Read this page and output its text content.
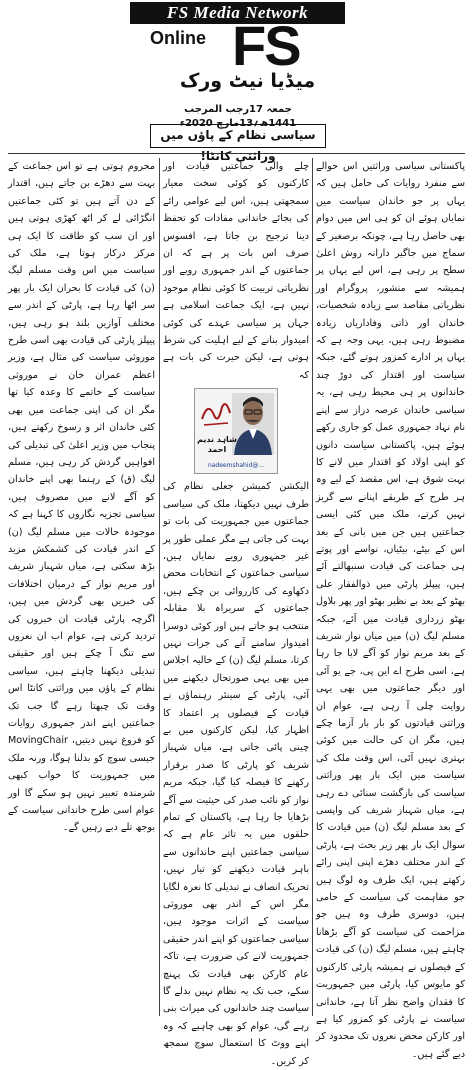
FS Media Network
Online FS
میڈیا نیٹ ورک
جمعہ 17رجب المرجب 1441ھ؍13مارچ 2020ء
سیاسی نظام کے پاؤں میں وراثتی کانٹا!

پاکستانی سیاسی وراثتیں اس حوالے سے منفرد روایات کی حامل ہیں کہ یہاں پر جو خاندان سیاست میں نمایاں ہوئے ان کو ہی اس میں دوام بھی حاصل رہا ہے، چونکہ برصغیر کے سماج میں جاگیر دارانہ روش اعلیٰ سطح پر رہی ہے، اس لیے یہاں پر ہمیشہ سے منشور، پروگرام اور نظریاتی مقاصد سے زیادہ شخصیات، خاندان اور ذاتی وفاداریاں زیادہ مضبوط رہی ہیں، یہی وجہ ہے کہ یہاں پر ادارے کمزور ہوتے گئے، جبکہ سیاست اور اقتدار کی دوڑ چند خاندانوں پر ہی محیط رہی ہے، یہ سیاسی خاندان عرصہ دراز سے اپنے نام نہاد جمہوری عمل کو جاری رکھے ہوئے ہیں، پاکستانی سیاست دانوں کو اپنی اولاد کو اقتدار میں لانے کا بہت شوق ہے، اس مقصد کے لیے وہ ہر طرح کے طریقے اپنانے سے گریز نہیں کرتے، ملک میں کئی ایسی جماعتیں ہیں جن میں بانی کے بعد اس کے بیٹے، بیٹیاں، نواسے اور پوتے ہی جماعت کی قیادت سنبھالتے آئے ہیں، پیپلز پارٹی میں ذوالفقار علی بھٹو کے بعد بے نظیر بھٹو اور پھر بلاول بھٹو زرداری قیادت میں آئے، جبکہ مسلم لیگ (ن) میں میاں نواز شریف کے بعد مریم نواز کو آگے لایا جا رہا ہے، اسی طرح اے این پی، جے یو آئی اور دیگر جماعتوں میں بھی یہی روایت چلی آ رہی ہے، عوام ان وراثتی قیادتوں کو بار بار آزما چکے ہیں، مگر ان کی حالت میں کوئی بہتری نہیں آئی، اس وقت ملک کی سیاست میں ایک بار پھر وراثتی سیاست کی بازگشت سنائی دے رہی ہے، میاں شہباز شریف کی واپسی کے بعد مسلم لیگ (ن) میں قیادت کا سوال ایک بار پھر زیر بحث ہے، پارٹی کے اندر مختلف دھڑے اپنی اپنی رائے رکھتے ہیں، ایک طرف وہ لوگ ہیں جو مفاہمت کی سیاست کے حامی ہیں، دوسری طرف وہ ہیں جو مزاحمت کی سیاست کو آگے بڑھانا چاہتے ہیں، مسلم لیگ (ن) کی قیادت کے فیصلوں نے ہمیشہ پارٹی کارکنوں کو مایوس کیا، پارٹی میں جمہوریت کا فقدان واضح نظر آتا ہے، خاندانی سیاست نے پارٹی کو کمزور کیا ہے اور کارکن محض نعروں تک محدود کر دیے گئے ہیں۔

چلے والی جماعتیں قیادت اور کارکنوں کو کوئی سخت معیار سمجھتی ہیں، اس لیے عوامی رائے کی بجائے خاندانی مفادات کو تحفظ دینا ترجیح بن جاتا ہے، افسوس صرف اس بات پر ہے کہ ان جماعتوں کے اندر جمہوری رویے اور نظریاتی تربیت کا کوئی نظام موجود نہیں ہے، ایک جماعت اسلامی ہے جہاں پر سیاسی عہدے کی کوئی امیدوار بنانے کے لیے اہلیت کی شرط ہوتی ہے، لیکن حیرت کی بات ہے کہ

شاہد ندیم احمد
nadeemshahid@...

الیکشن کمیشن جعلی نظام کی طرف نہیں دیکھتا، ملک کی سیاسی جماعتوں میں جمہوریت کی بات تو بہت کی جاتی ہے مگر عملی طور پر غیر جمہوری رویے نمایاں ہیں، سیاسی جماعتوں کے انتخابات محض دکھاوے کی کارروائی بن چکے ہیں، جماعتوں کے سربراہ بلا مقابلہ منتخب ہو جاتے ہیں اور کوئی دوسرا امیدوار سامنے آنے کی جرات نہیں کرتا، مسلم لیگ (ن) کے حالیہ اجلاس میں بھی یہی صورتحال دیکھنے میں آئی، پارٹی کے سینئر رہنماؤں نے قیادت کے فیصلوں پر اعتماد کا اظہار کیا، لیکن کارکنوں میں بے چینی پائی جاتی ہے، میاں شہباز شریف کو پارٹی کا صدر برقرار رکھنے کا فیصلہ کیا گیا، جبکہ مریم نواز کو نائب صدر کی حیثیت سے آگے بڑھایا جا رہا ہے، پاکستان کے تمام حلقوں میں یہ تاثر عام ہے کہ سیاسی جماعتیں اپنے خاندانوں سے باہر قیادت دیکھنے کو تیار نہیں، تحریک انصاف نے تبدیلی کا نعرہ لگایا مگر اس کے اندر بھی موروثی سیاست کے اثرات موجود ہیں، سیاسی جماعتوں کو اپنے اندر حقیقی جمہوریت لانے کی ضرورت ہے، تاکہ عام کارکن بھی قیادت تک پہنچ سکے، جب تک یہ نظام نہیں بدلے گا سیاست چند خاندانوں کی میراث بنی رہے گی، عوام کو بھی چاہیے کہ وہ اپنے ووٹ کا استعمال سوچ سمجھ کر کریں۔

محروم ہوتی ہے تو اس جماعت کے بہت سے دھڑے بن جاتے ہیں، اقتدار کے دن آتے ہیں تو کئی جماعتیں انگڑائی لے کر اٹھ کھڑی ہوتی ہیں اور ان سب کو طاقت کا ایک ہی مرکز درکار ہوتا ہے، ملک کی سیاست میں اس وقت مسلم لیگ (ن) کی قیادت کا بحران ایک بار پھر سر اٹھا رہا ہے، پارٹی کے اندر سے مختلف آوازیں بلند ہو رہی ہیں، پیپلز پارٹی کی قیادت بھی اسی طرح موروثی سیاست کی مثال ہے، وزیر اعظم عمران خان نے موروثی سیاست کے خاتمے کا وعدہ کیا تھا مگر ان کی اپنی جماعت میں بھی کئی خاندان اثر و رسوخ رکھتے ہیں، پنجاب میں وزیر اعلیٰ کی تبدیلی کی افواہیں گردش کر رہی ہیں، مسلم لیگ (ق) کے رہنما بھی اپنے خاندان کو آگے لانے میں مصروف ہیں، سیاسی تجزیہ نگاروں کا کہنا ہے کہ موجودہ حالات میں مسلم لیگ (ن) کے اندر قیادت کی کشمکش مزید بڑھ سکتی ہے، میاں شہباز شریف اور مریم نواز کے درمیان اختلافات کی خبریں بھی گردش میں ہیں، اگرچہ پارٹی قیادت ان خبروں کی تردید کرتی ہے، عوام اب ان نعروں سے تنگ آ چکے ہیں اور حقیقی تبدیلی دیکھنا چاہتے ہیں، سیاسی نظام کے پاؤں میں وراثتی کانٹا اس وقت تک چبھتا رہے گا جب تک جماعتیں اپنے اندر جمہوری روایات کو فروغ نہیں دیتیں، MovingChair جیسی سوچ کو بدلنا ہوگا، ورنہ ملک میں جمہوریت کا خواب کبھی شرمندہ تعبیر نہیں ہو سکے گا اور عوام اسی طرح خاندانی سیاست کے بوجھ تلے دبے رہیں گے۔
